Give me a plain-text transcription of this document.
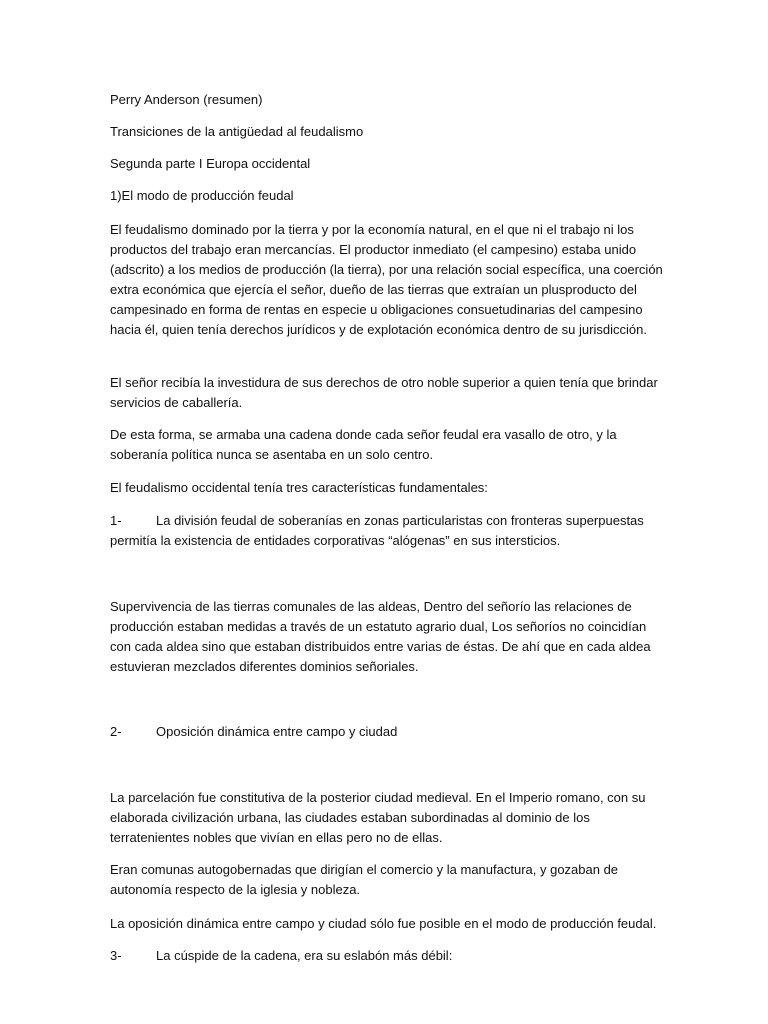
Perry Anderson (resumen)

Transiciones de la antigüedad al feudalismo

Segunda parte I Europa occidental

1)El modo de producción feudal

El feudalismo dominado por la tierra y por la economía natural, en el que ni el trabajo ni los productos del trabajo eran mercancías. El productor inmediato (el campesino) estaba unido (adscrito) a los medios de producción (la tierra), por una relación social específica, una coerción extra económica que ejercía el señor, dueño de las tierras que extraían un plusproducto del campesinado en forma de rentas en especie u obligaciones consuetudinarias del campesino hacia él, quien tenía derechos jurídicos y de explotación económica dentro de su jurisdicción.

El señor recibía la investidura de sus derechos de otro noble superior a quien tenía que brindar servicios de caballería.

De esta forma, se armaba una cadena donde cada señor feudal era vasallo de otro, y la soberanía política nunca se asentaba en un solo centro.

El feudalismo occidental tenía tres características fundamentales:

1-	La división feudal de soberanías en zonas particularistas con fronteras superpuestas permitía la existencia de entidades corporativas “alógenas” en sus intersticios.

Supervivencia de las tierras comunales de las aldeas, Dentro del señorío las relaciones de producción estaban medidas a través de un estatuto agrario dual, Los señoríos no coincidían con cada aldea sino que estaban distribuidos entre varias de éstas. De ahí que en cada aldea estuvieran mezclados diferentes dominios señoriales.

2-	Oposición dinámica entre campo y ciudad

La parcelación fue constitutiva de la posterior ciudad medieval. En el Imperio romano, con su elaborada civilización urbana, las ciudades estaban subordinadas al dominio de los terratenientes nobles que vivían en ellas pero no de ellas.

Eran comunas autogobernadas que dirigían el comercio y la manufactura, y gozaban de autonomía respecto de la iglesia y nobleza.

La oposición dinámica entre campo y ciudad sólo fue posible en el modo de producción feudal.

3-	La cúspide de la cadena, era su eslabón más débil:
